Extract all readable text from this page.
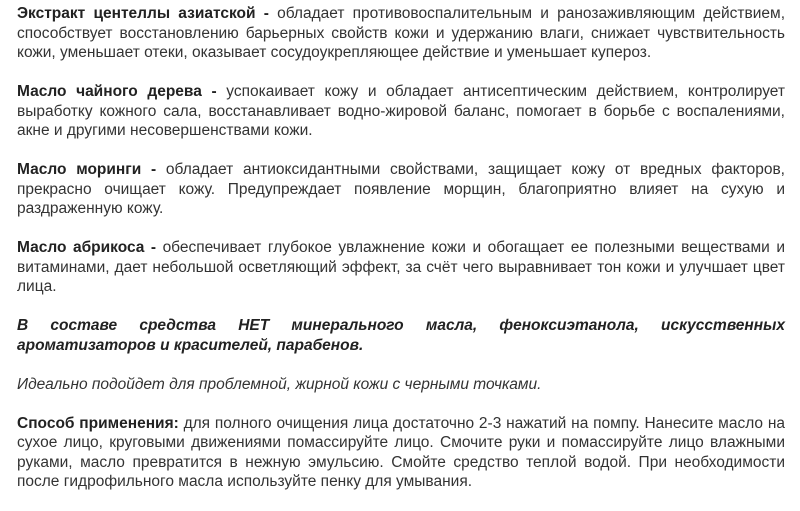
Экстракт центеллы азиатской - обладает противовоспалительным и ранозаживляющим действием, способствует восстановлению барьерных свойств кожи и удержанию влаги, снижает чувствительность кожи, уменьшает отеки, оказывает сосудоукрепляющее действие и уменьшает купероз.

Масло чайного дерева - успокаивает кожу и обладает антисептическим действием, контролирует выработку кожного сала, восстанавливает водно-жировой баланс, помогает в борьбе с воспалениями, акне и другими несовершенствами кожи.

Масло моринги - обладает антиоксидантными свойствами, защищает кожу от вредных факторов, прекрасно очищает кожу. Предупреждает появление морщин, благоприятно влияет на сухую и раздраженную кожу.

Масло абрикоса - обеспечивает глубокое увлажнение кожи и обогащает ее полезными веществами и витаминами, дает небольшой осветляющий эффект, за счёт чего выравнивает тон кожи и улучшает цвет лица.

В составе средства НЕТ минерального масла, феноксиэтанола, искусственных ароматизаторов и красителей, парабенов.

Идеально подойдет для проблемной, жирной кожи с черными точками.

Способ применения: для полного очищения лица достаточно 2-3 нажатий на помпу. Нанесите масло на сухое лицо, круговыми движениями помассируйте лицо. Смочите руки и помассируйте лицо влажными руками, масло превратится в нежную эмульсию. Смойте средство теплой водой. При необходимости после гидрофильного масла используйте пенку для умывания.
